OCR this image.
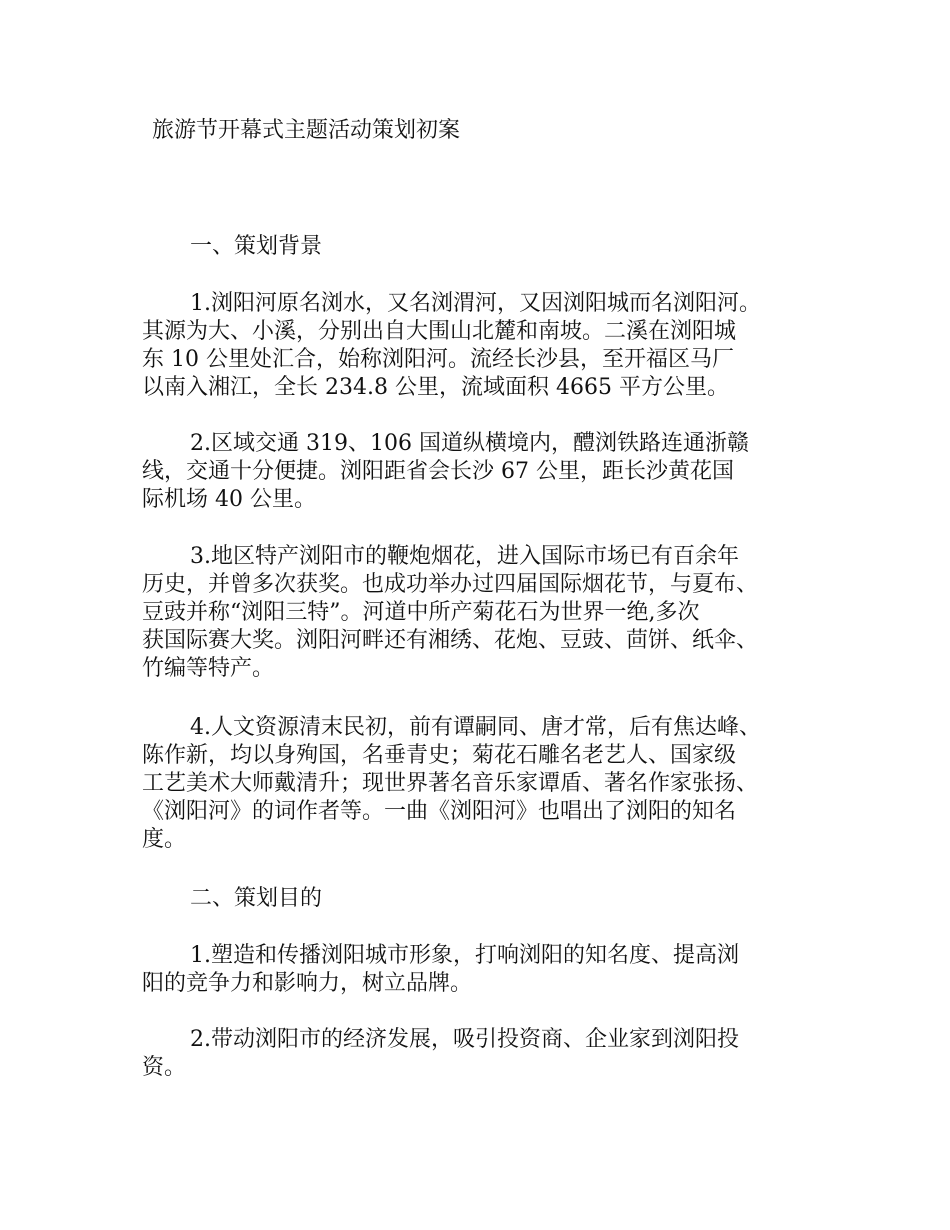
旅游节开幕式主题活动策划初案
一、策划背景
1.浏阳河原名浏水，又名浏渭河，又因浏阳城而名浏阳河。
其源为大、小溪，分别出自大围山北麓和南坡。二溪在浏阳城
东 10 公里处汇合，始称浏阳河。流经长沙县，至开福区马厂
以南入湘江，全长 234.8 公里，流域面积 4665 平方公里。
2.区域交通 319、106 国道纵横境内，醴浏铁路连通浙赣
线，交通十分便捷。浏阳距省会长沙 67 公里，距长沙黄花国
际机场 40 公里。
3.地区特产浏阳市的鞭炮烟花，进入国际市场已有百余年
历史，并曾多次获奖。也成功举办过四届国际烟花节，与夏布、
豆豉并称“浏阳三特”。河道中所产菊花石为世界一绝,多次
获国际赛大奖。浏阳河畔还有湘绣、花炮、豆豉、茴饼、纸伞、
竹编等特产。
4.人文资源清末民初，前有谭嗣同、唐才常，后有焦达峰、
陈作新，均以身殉国，名垂青史；菊花石雕名老艺人、国家级
工艺美术大师戴清升；现世界著名音乐家谭盾、著名作家张扬、
《浏阳河》的词作者等。一曲《浏阳河》也唱出了浏阳的知名
度。
二、策划目的
1.塑造和传播浏阳城市形象，打响浏阳的知名度、提高浏
阳的竞争力和影响力，树立品牌。
2.带动浏阳市的经济发展，吸引投资商、企业家到浏阳投
资。
